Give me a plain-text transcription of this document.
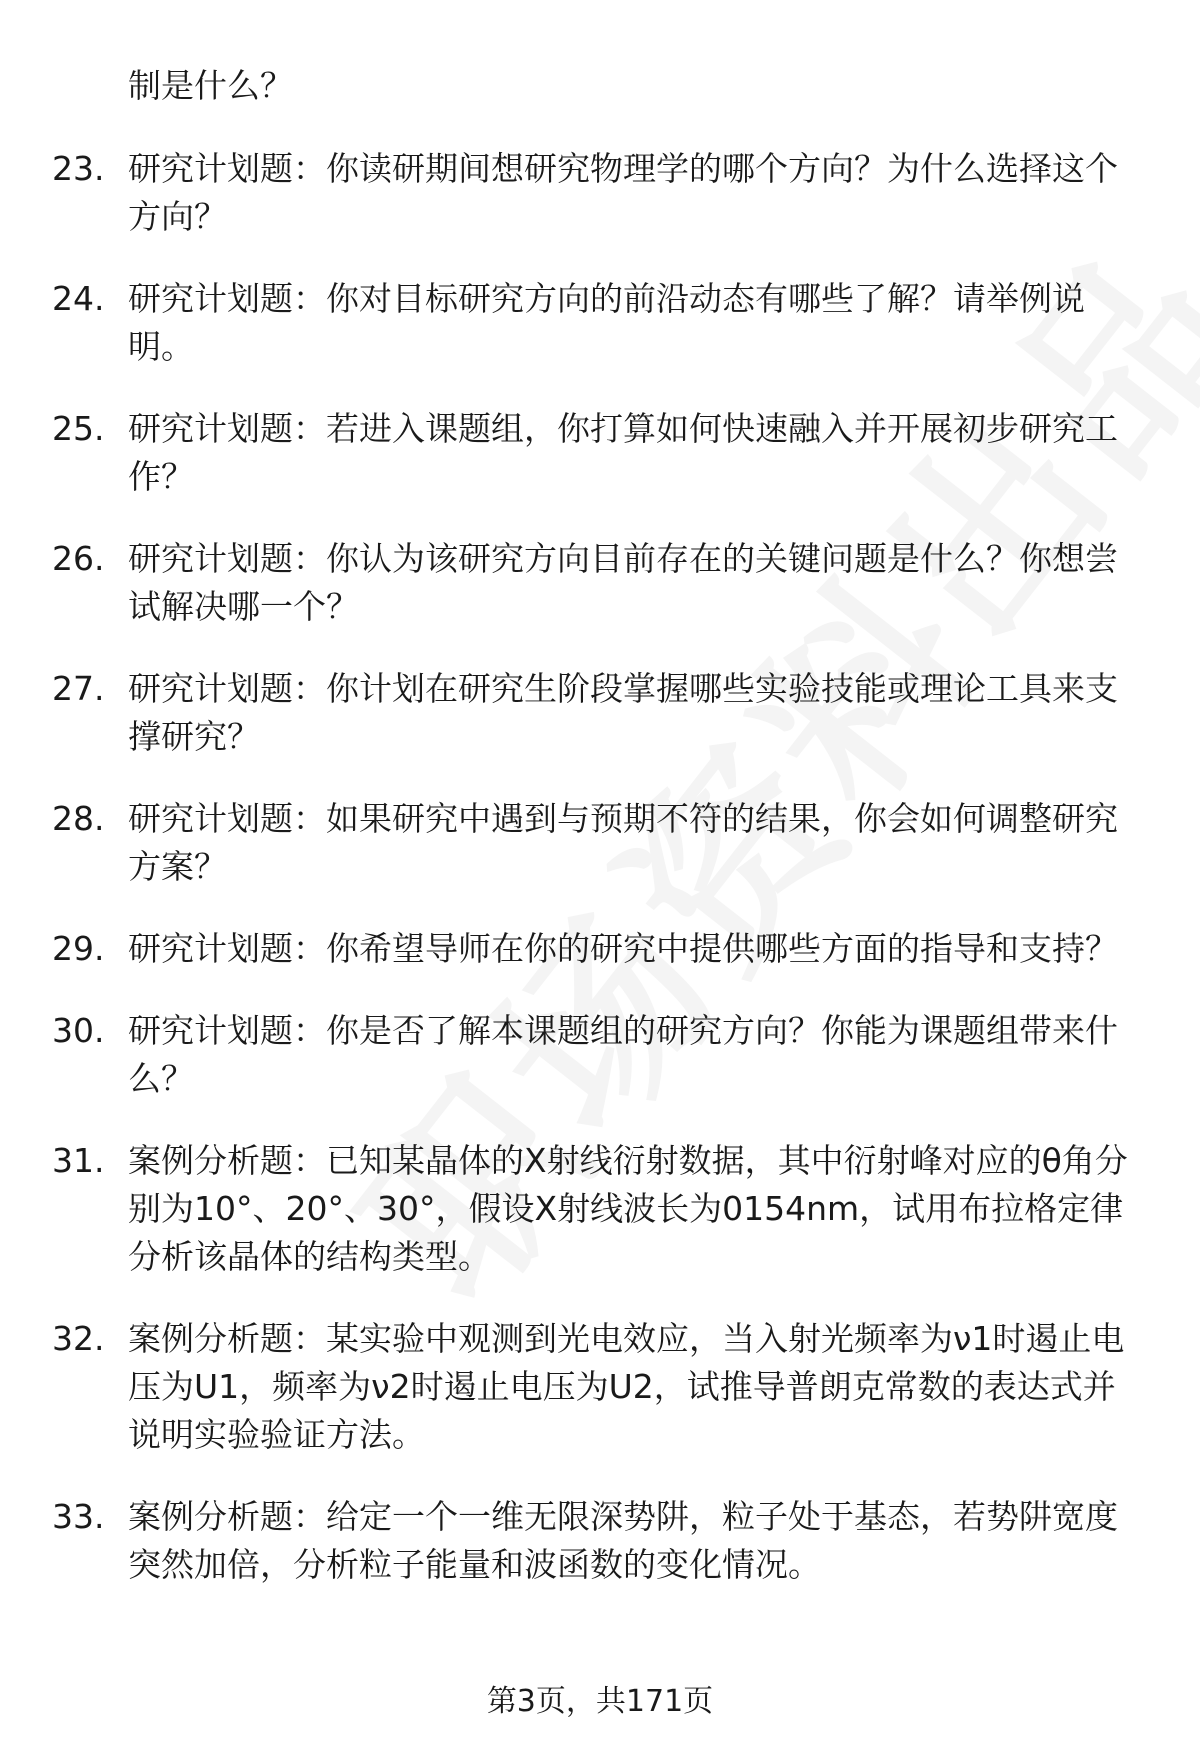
制是什么？
23. 研究计划题：你读研期间想研究物理学的哪个方向？为什么选择这个方向？
24. 研究计划题：你对目标研究方向的前沿动态有哪些了解？请举例说明。
25. 研究计划题：若进入课题组，你打算如何快速融入并开展初步研究工作？
26. 研究计划题：你认为该研究方向目前存在的关键问题是什么？你想尝试解决哪一个？
27. 研究计划题：你计划在研究生阶段掌握哪些实验技能或理论工具来支撑研究？
28. 研究计划题：如果研究中遇到与预期不符的结果，你会如何调整研究方案？
29. 研究计划题：你希望导师在你的研究中提供哪些方面的指导和支持？
30. 研究计划题：你是否了解本课题组的研究方向？你能为课题组带来什么？
31. 案例分析题：已知某晶体的X射线衍射数据，其中衍射峰对应的θ角分别为10°、20°、30°，假设X射线波长为0154nm，试用布拉格定律分析该晶体的结构类型。
32. 案例分析题：某实验中观测到光电效应，当入射光频率为ν1时遏止电压为U1，频率为ν2时遏止电压为U2，试推导普朗克常数的表达式并说明实验验证方法。
33. 案例分析题：给定一个一维无限深势阱，粒子处于基态，若势阱宽度突然加倍，分析粒子能量和波函数的变化情况。
第3页，共171页
